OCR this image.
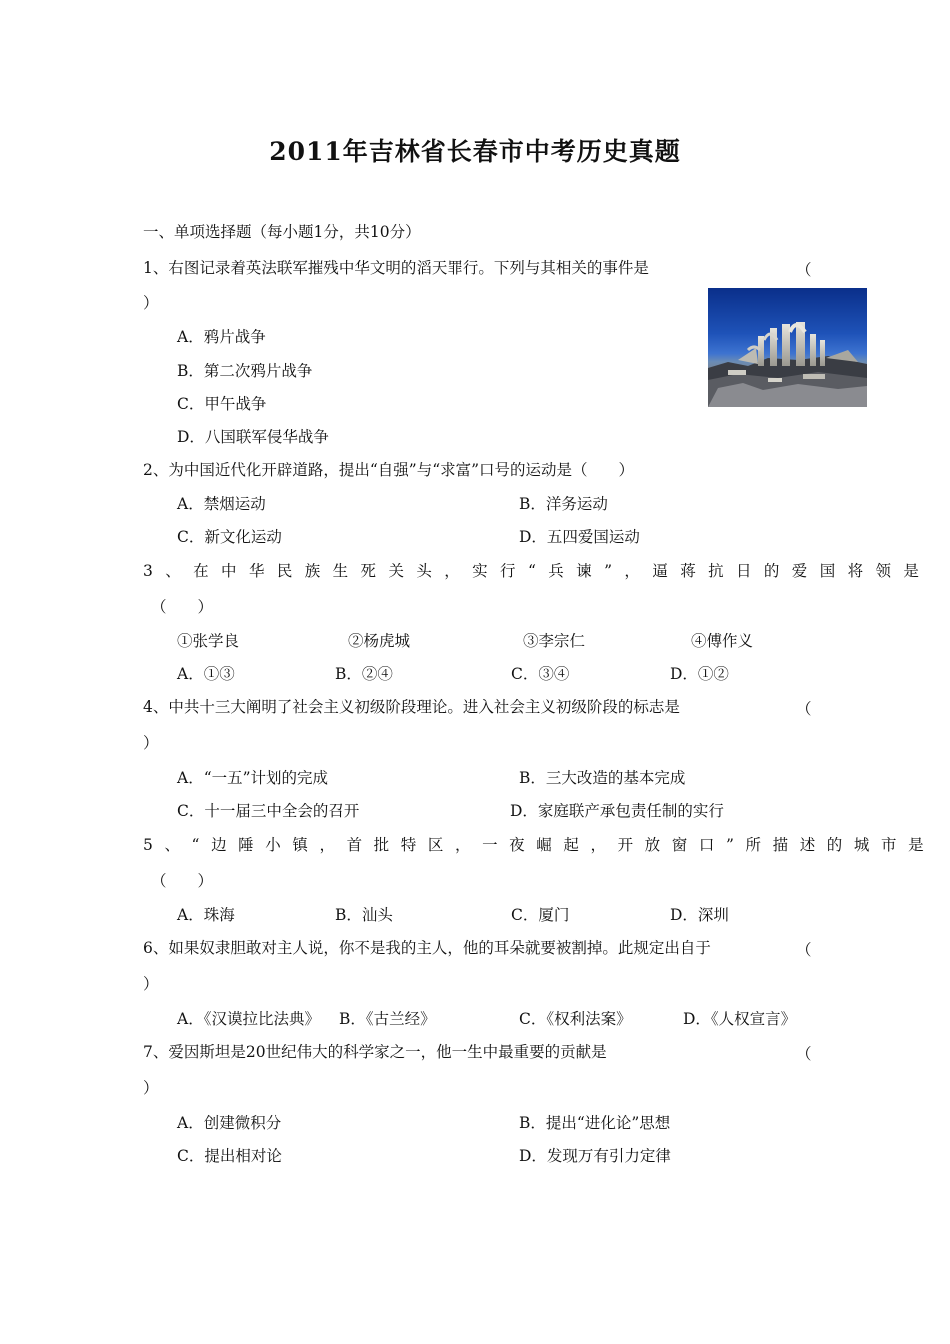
2011年吉林省长春市中考历史真题
一、单项选择题（每小题1分，共10分）
1、右图记录着英法联军摧残中华文明的滔天罪行。下列与其相关的事件是	（
）
A．鸦片战争
B．第二次鸦片战争
C．甲午战争
D．八国联军侵华战争
2、为中国近代化开辟道路，提出“自强”与“求富”口号的运动是（　　）
A．禁烟运动	B．洋务运动
C．新文化运动	D．五四爱国运动
3、在中华民族生死关头，实行“兵谏”，逼蒋抗日的爱国将领是
（　　）
①张学良	②杨虎城	③李宗仁	④傅作义
A．①③	B．②④	C．③④	D．①②
4、中共十三大阐明了社会主义初级阶段理论。进入社会主义初级阶段的标志是	（
）
A．“一五”计划的完成	B．三大改造的基本完成
C．十一届三中全会的召开	D．家庭联产承包责任制的实行
5、“边陲小镇，首批特区，一夜崛起，开放窗口”所描述的城市是
（　　）
A．珠海	B．汕头	C．厦门	D．深圳
6、如果奴隶胆敢对主人说，你不是我的主人，他的耳朵就要被割掉。此规定出自于	（
）
A．《汉谟拉比法典》 B．《古兰经》	C．《权利法案》	D．《人权宣言》
7、爱因斯坦是20世纪伟大的科学家之一，他一生中最重要的贡献是	（
）
A．创建微积分	B．提出“进化论”思想
C．提出相对论	D．发现万有引力定律
